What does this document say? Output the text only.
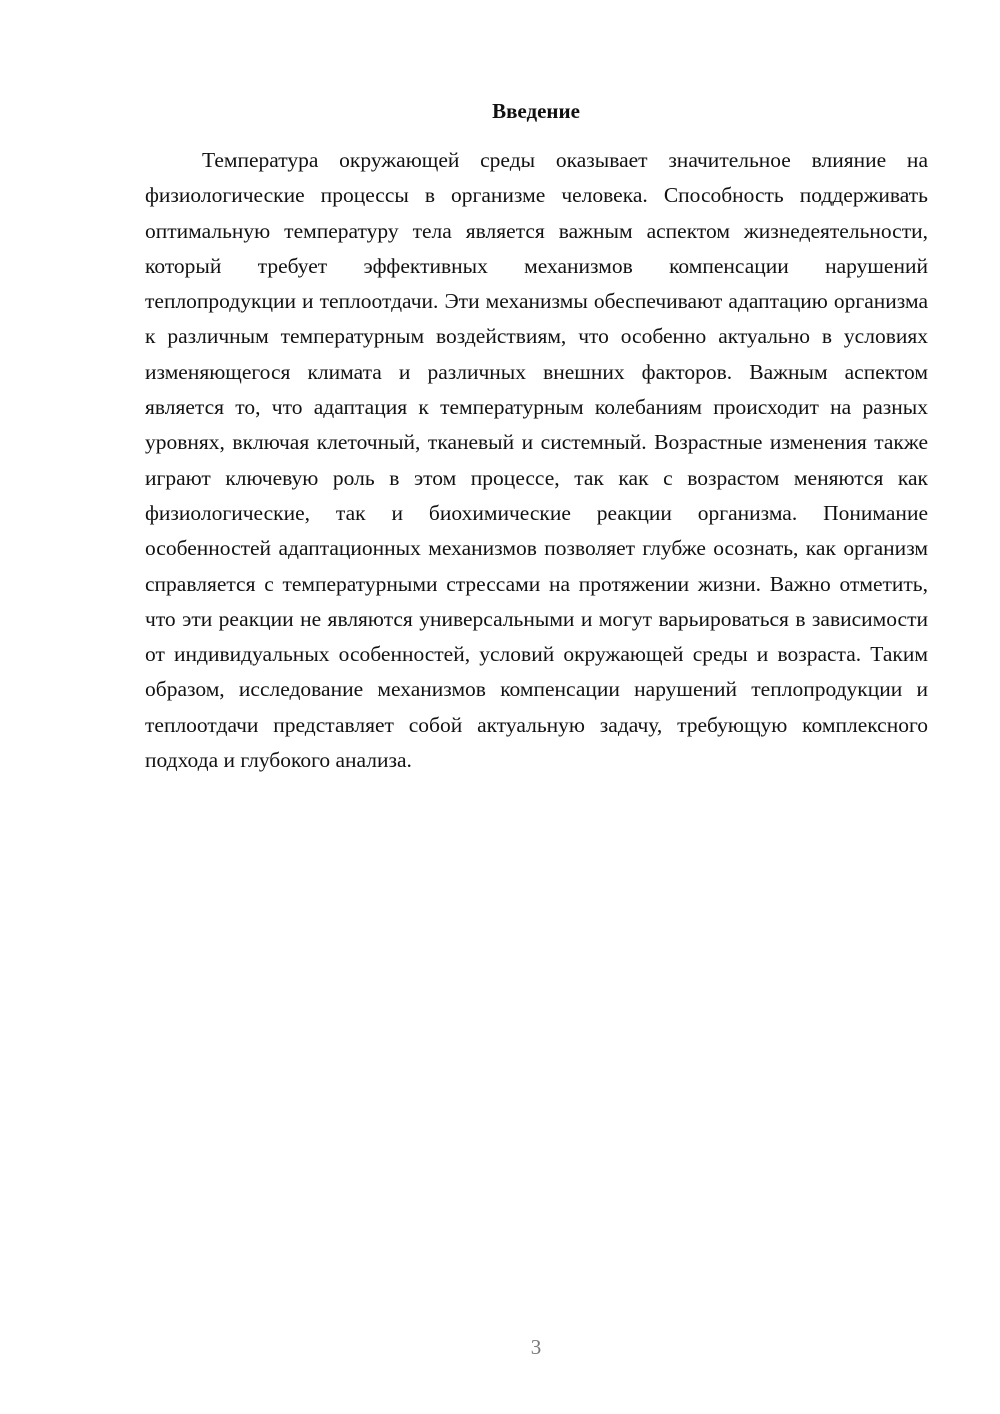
Введение

Температура окружающей среды оказывает значительное влияние на физиологические процессы в организме человека. Способность поддерживать оптимальную температуру тела является важным аспектом жизнедеятельности, который требует эффективных механизмов компенсации нарушений теплопродукции и теплоотдачи. Эти механизмы обеспечивают адаптацию организма к различным температурным воздействиям, что особенно актуально в условиях изменяющегося климата и различных внешних факторов. Важным аспектом является то, что адаптация к температурным колебаниям происходит на разных уровнях, включая клеточный, тканевый и системный. Возрастные изменения также играют ключевую роль в этом процессе, так как с возрастом меняются как физиологические, так и биохимические реакции организма. Понимание особенностей адаптационных механизмов позволяет глубже осознать, как организм справляется с температурными стрессами на протяжении жизни. Важно отметить, что эти реакции не являются универсальными и могут варьироваться в зависимости от индивидуальных особенностей, условий окружающей среды и возраста. Таким образом, исследование механизмов компенсации нарушений теплопродукции и теплоотдачи представляет собой актуальную задачу, требующую комплексного подхода и глубокого анализа.

3
